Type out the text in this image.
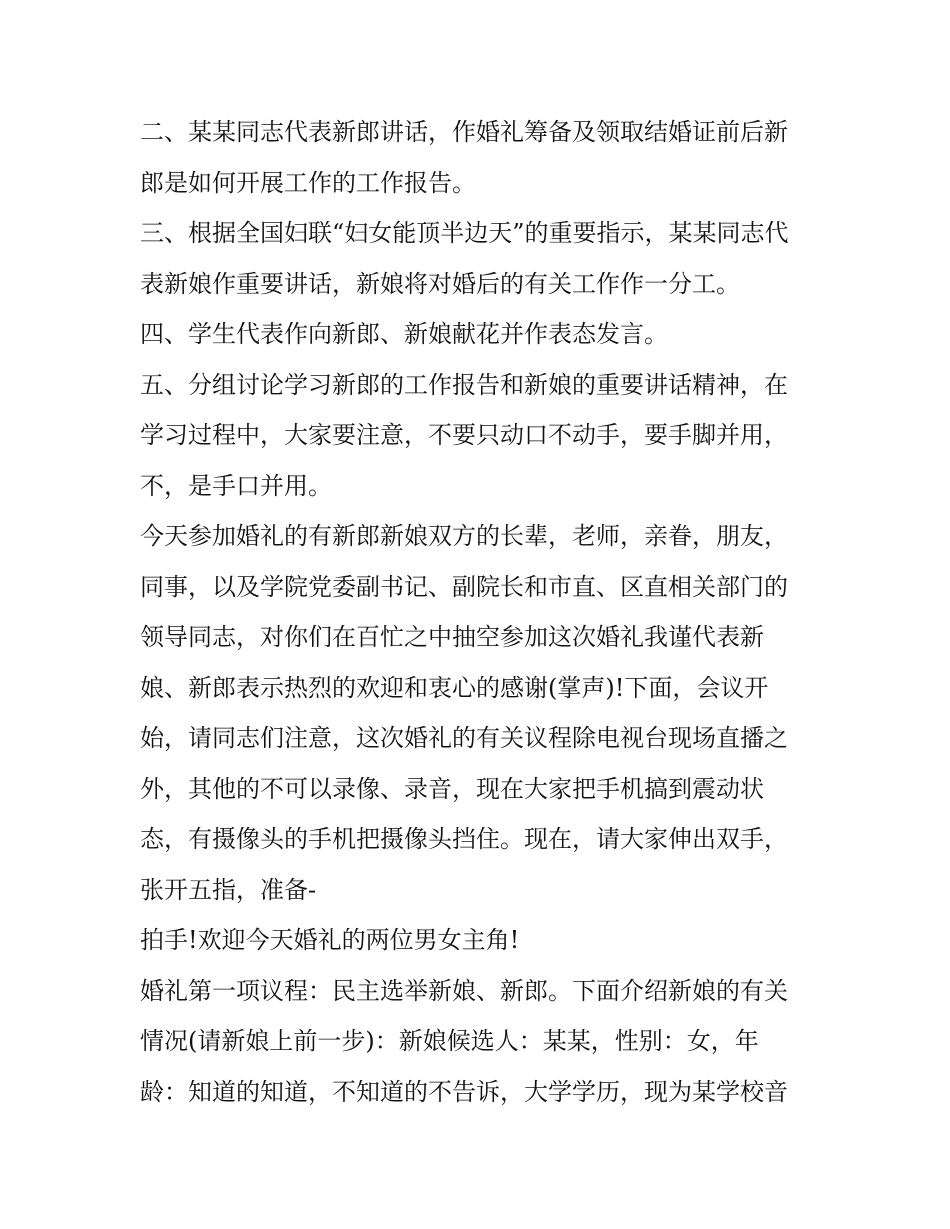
二、某某同志代表新郎讲话，作婚礼筹备及领取结婚证前后新
郎是如何开展工作的工作报告。
三、根据全国妇联“妇女能顶半边天”的重要指示，某某同志代
表新娘作重要讲话，新娘将对婚后的有关工作作一分工。
四、学生代表作向新郎、新娘献花并作表态发言。
五、分组讨论学习新郎的工作报告和新娘的重要讲话精神，在
学习过程中，大家要注意，不要只动口不动手，要手脚并用，
不，是手口并用。
今天参加婚礼的有新郎新娘双方的长辈，老师，亲眷，朋友，
同事，以及学院党委副书记、副院长和市直、区直相关部门的
领导同志，对你们在百忙之中抽空参加这次婚礼我谨代表新
娘、新郎表示热烈的欢迎和衷心的感谢(掌声)!下面，会议开
始，请同志们注意，这次婚礼的有关议程除电视台现场直播之
外，其他的不可以录像、录音，现在大家把手机搞到震动状
态，有摄像头的手机把摄像头挡住。现在，请大家伸出双手，
张开五指，准备-
拍手!欢迎今天婚礼的两位男女主角!
婚礼第一项议程：民主选举新娘、新郎。下面介绍新娘的有关
情况(请新娘上前一步)：新娘候选人：某某，性别：女，年
龄：知道的知道，不知道的不告诉，大学学历，现为某学校音
